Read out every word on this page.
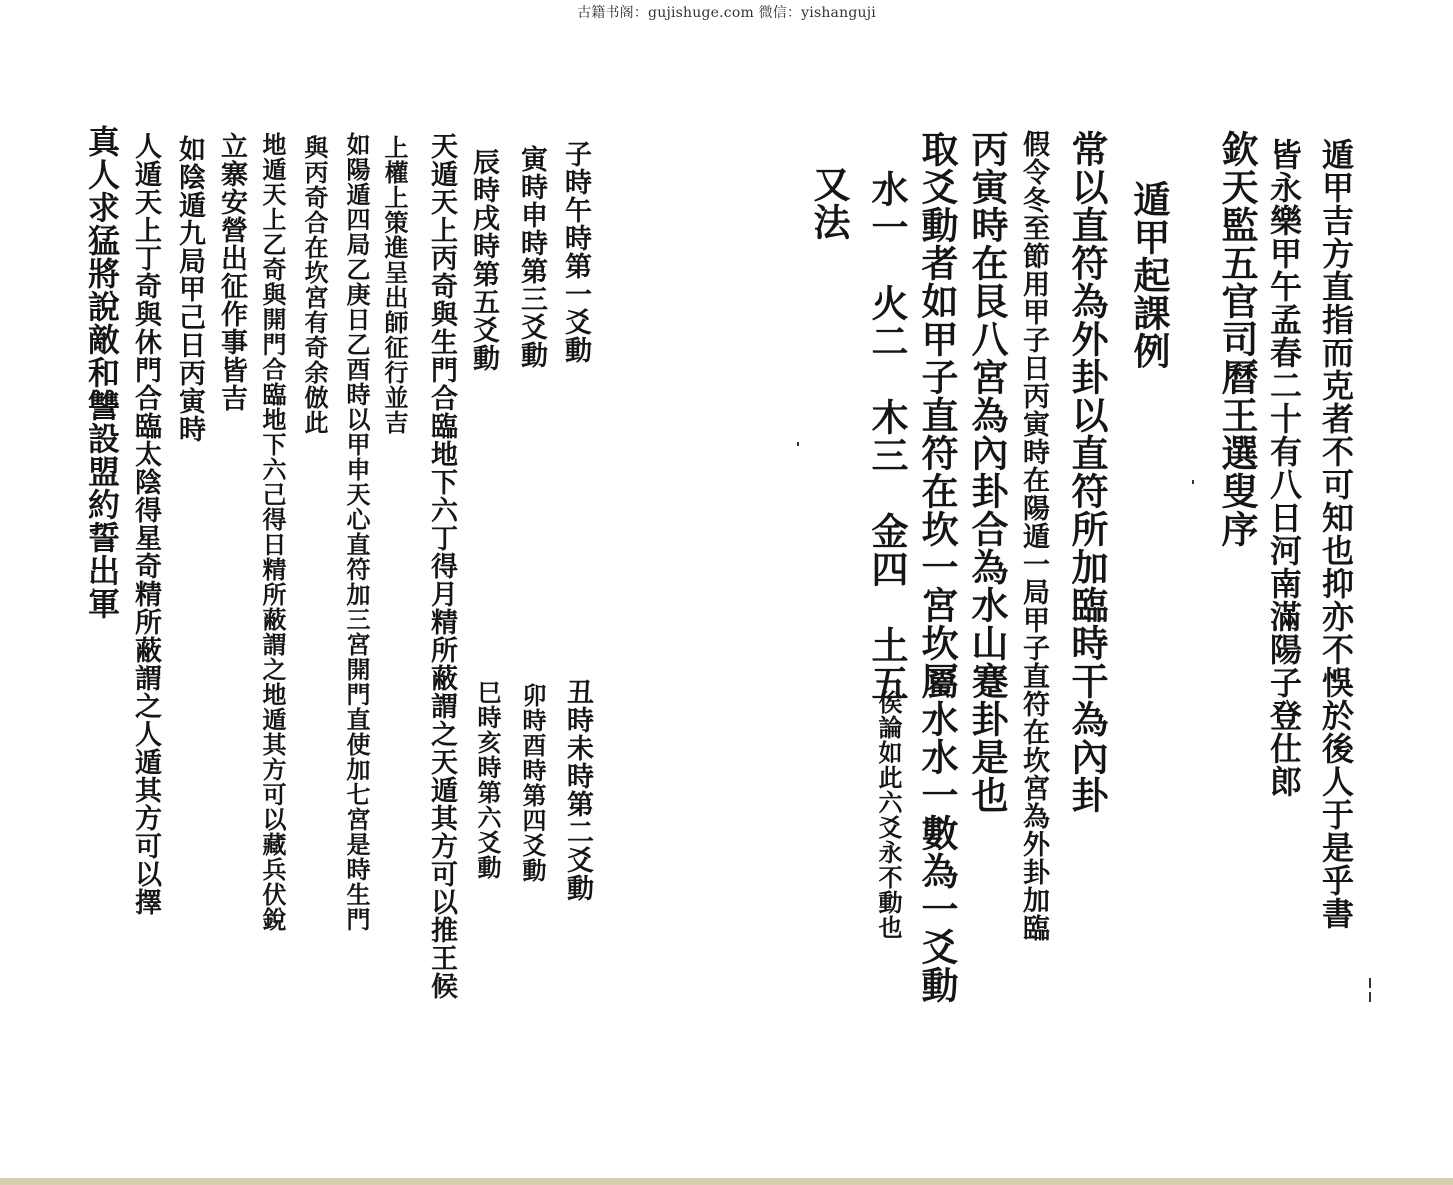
古籍书阁：gujishuge.com 微信：yishanguji
遁甲吉方直指而克者不可知也抑亦不悞於後人于是乎書
皆永樂甲午孟春二十有八日河南滿陽子登仕郎
欽天監五官司曆王選叟序
遁甲起課例
常以直符為外卦以直符所加臨時干為內卦
假令冬至節用甲子日丙寅時在陽遁一局甲子直符在坎宮為外卦加臨
丙寅時在艮八宮為內卦合為水山蹇卦是也
取爻動者如甲子直符在坎一宮坎屬水水一數為一爻動
水一　火二　木三　金四　土五
俟論如此六爻永不動也
又法
子時午時第一爻動
丑時未時第二爻動
寅時申時第三爻動
卯時酉時第四爻動
辰時戌時第五爻動
巳時亥時第六爻動
天遁天上丙奇與生門合臨地下六丁得月精所蔽謂之天遁其方可以推王候
上權上策進呈出師征行並吉
如陽遁四局乙庚日乙酉時以甲申天心直符加三宮開門直使加七宮是時生門
與丙奇合在坎宮有奇余倣此
地遁天上乙奇與開門合臨地下六己得日精所蔽謂之地遁其方可以藏兵伏銳
立寨安營出征作事皆吉
如陰遁九局甲己日丙寅時
人遁天上丁奇與休門合臨太陰得星奇精所蔽謂之人遁其方可以擇
真人求猛將說敵和讐設盟約誓出軍
